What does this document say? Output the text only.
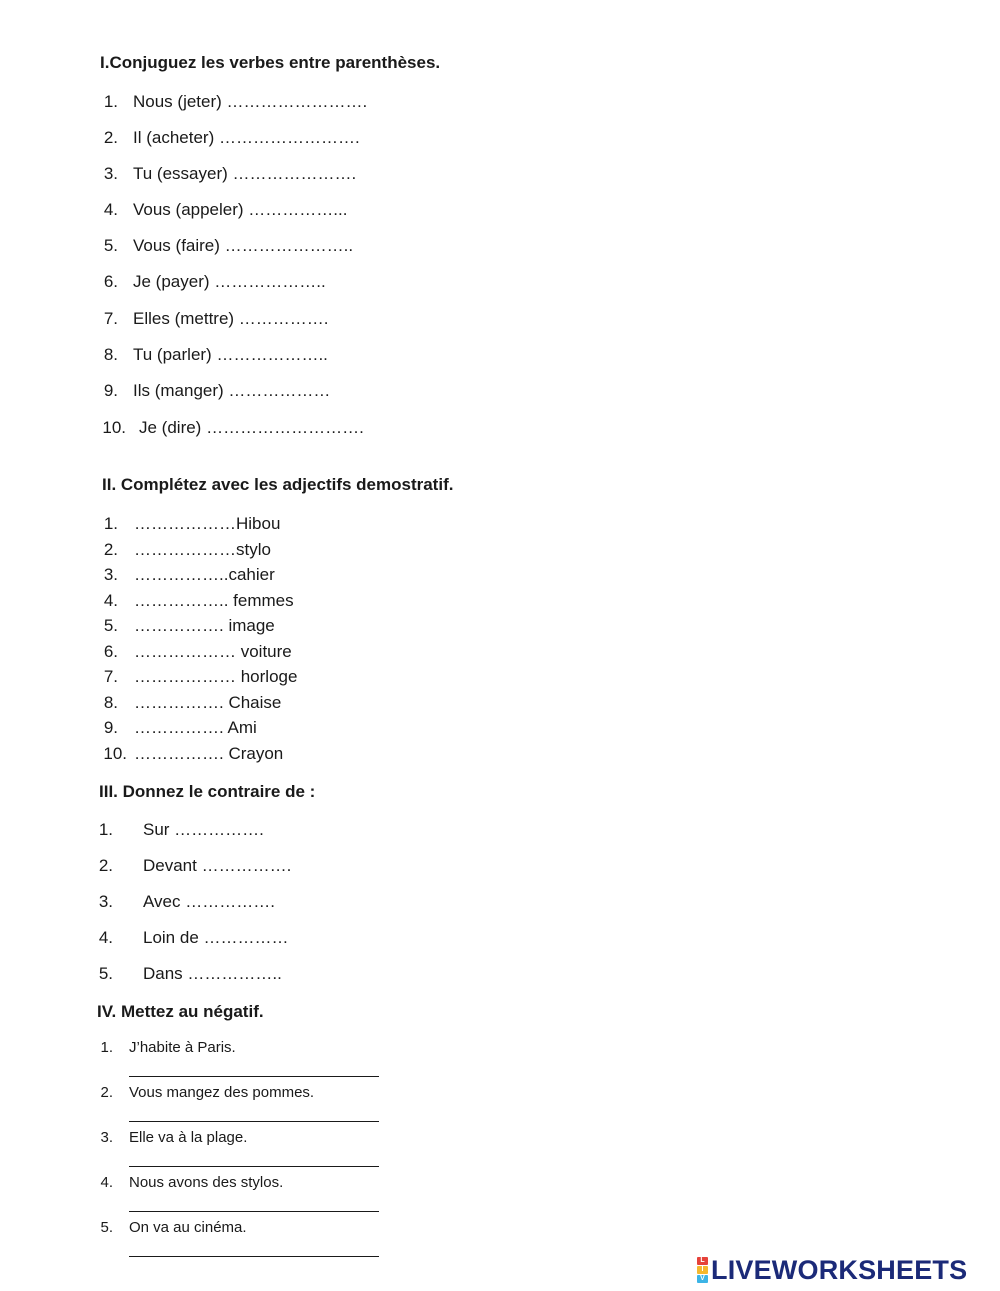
I.Conjuguez les verbes entre parenthèses.
1. Nous (jeter) …………………….
2. Il (acheter) …………………….
3. Tu (essayer) ………………….
4. Vous (appeler) ……………...
5. Vous (faire) …………………..
6. Je (payer) ………………..
7. Elles (mettre) …………….
8. Tu (parler) ………………..
9. Ils (manger) ………………
10. Je (dire) ……………………….
II. Complétez avec les adjectifs demostratif.
1. ………………Hibou
2. ………………stylo
3. ……………..cahier
4. …………….. femmes
5. ……………. image
6. ……………… voiture
7. ……………… horloge
8. ……………. Chaise
9. ……………. Ami
10. ……………. Crayon
III. Donnez le contraire de :
1. Sur …………….
2. Devant …………….
3. Avec …………….
4. Loin de ……………
5. Dans ……………..
IV. Mettez au négatif.
1. J’habite à Paris.
2. Vous mangez des pommes.
3. Elle va à la plage.
4. Nous avons des stylos.
5. On va au cinéma.
L
I
V LIVEWORKSHEETS
